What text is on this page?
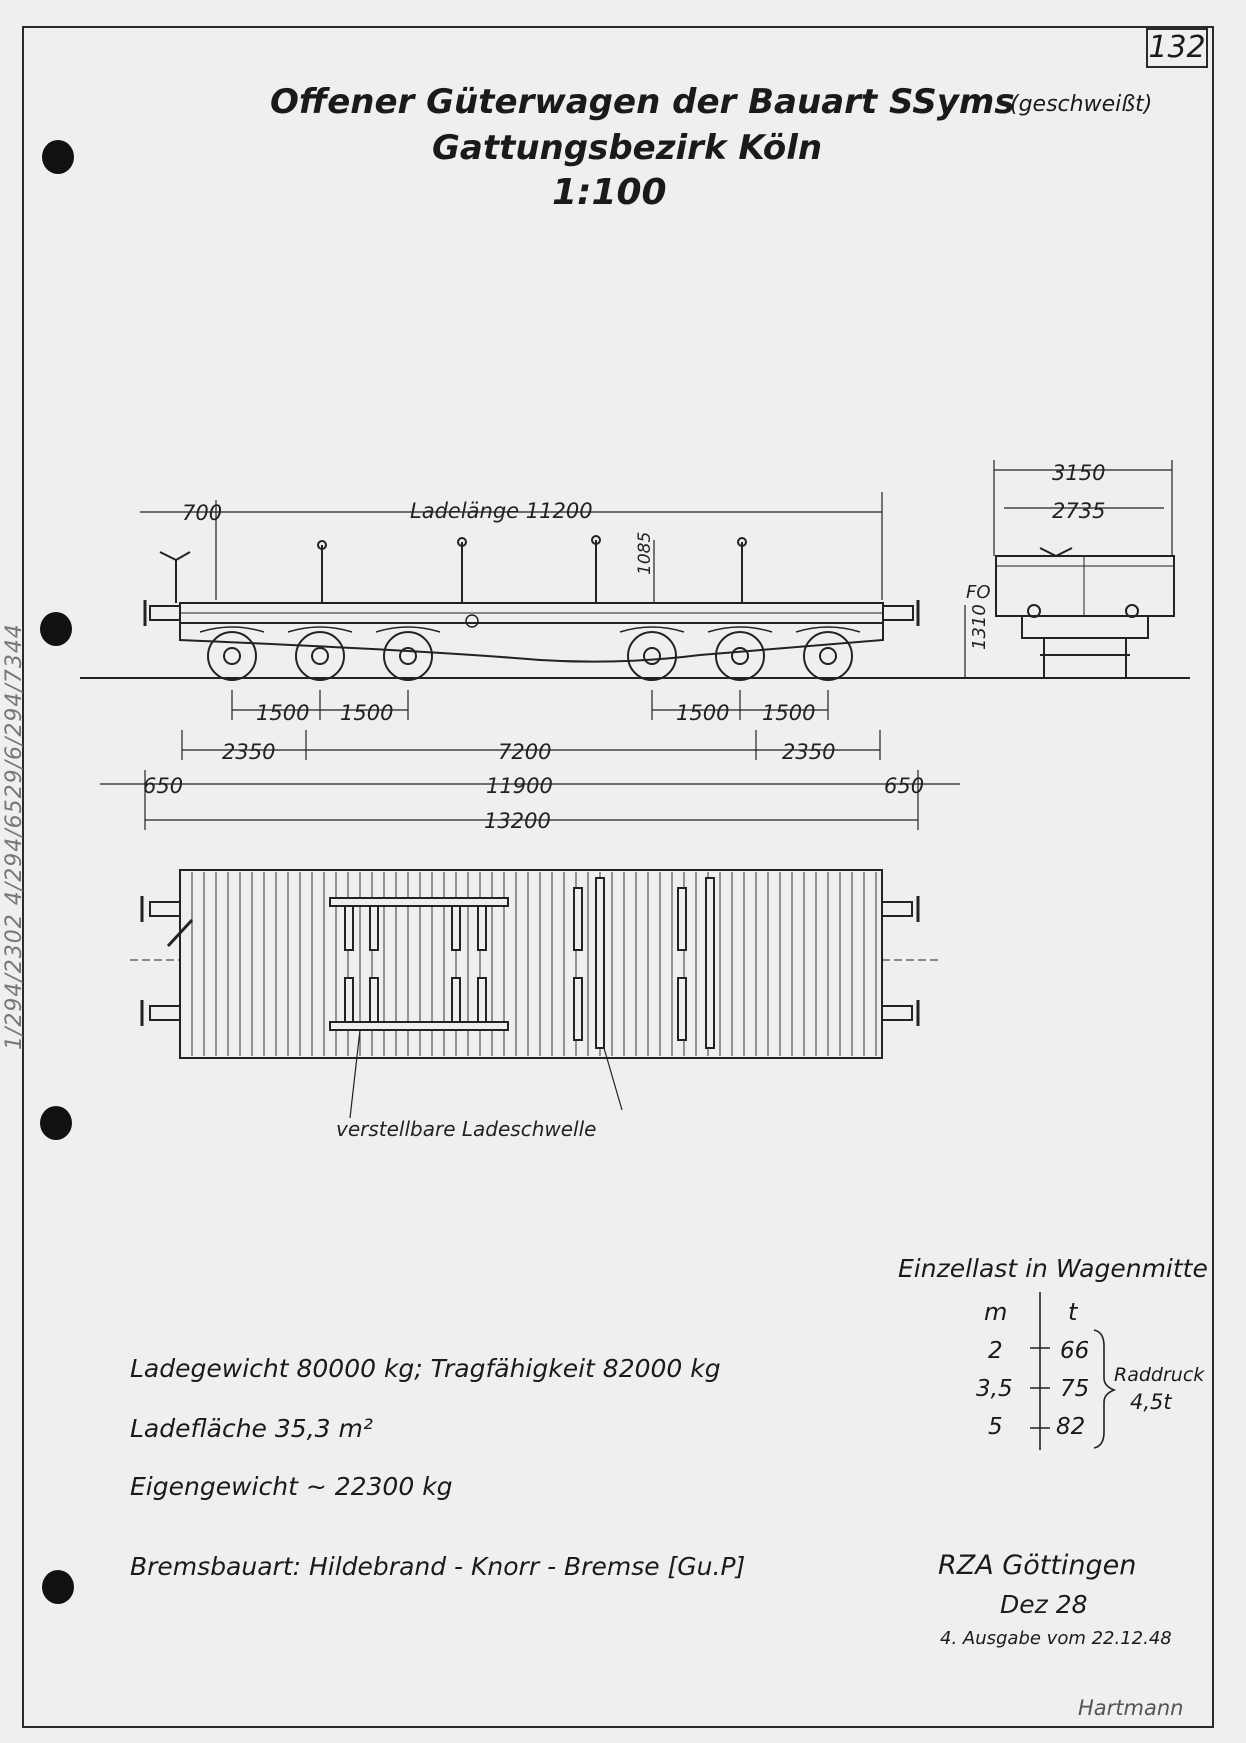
132
1/294/2302 4/294/6529/6/294/7344
Offener Güterwagen der Bauart SSyms
(geschweißt)
Gattungsbezirk Köln
1:100
700	Ladelänge 11200
1085
1310
FO
1500 1500	1500 1500
2350	7200	2350
650	11900	650
13200
3150
2735
verstellbare Ladeschwelle
Einzellast in Wagenmitte
m	t
2 66
3,5 75
5 82
Raddruck
4,5t
Ladegewicht 80000 kg; Tragfähigkeit 82000 kg
Ladefläche 35,3 m²
Eigengewicht ~ 22300 kg
Bremsbauart: Hildebrand - Knorr - Bremse [Gu.P]	RZA Göttingen
Dez 28
4. Ausgabe vom 22.12.48
Hartmann
